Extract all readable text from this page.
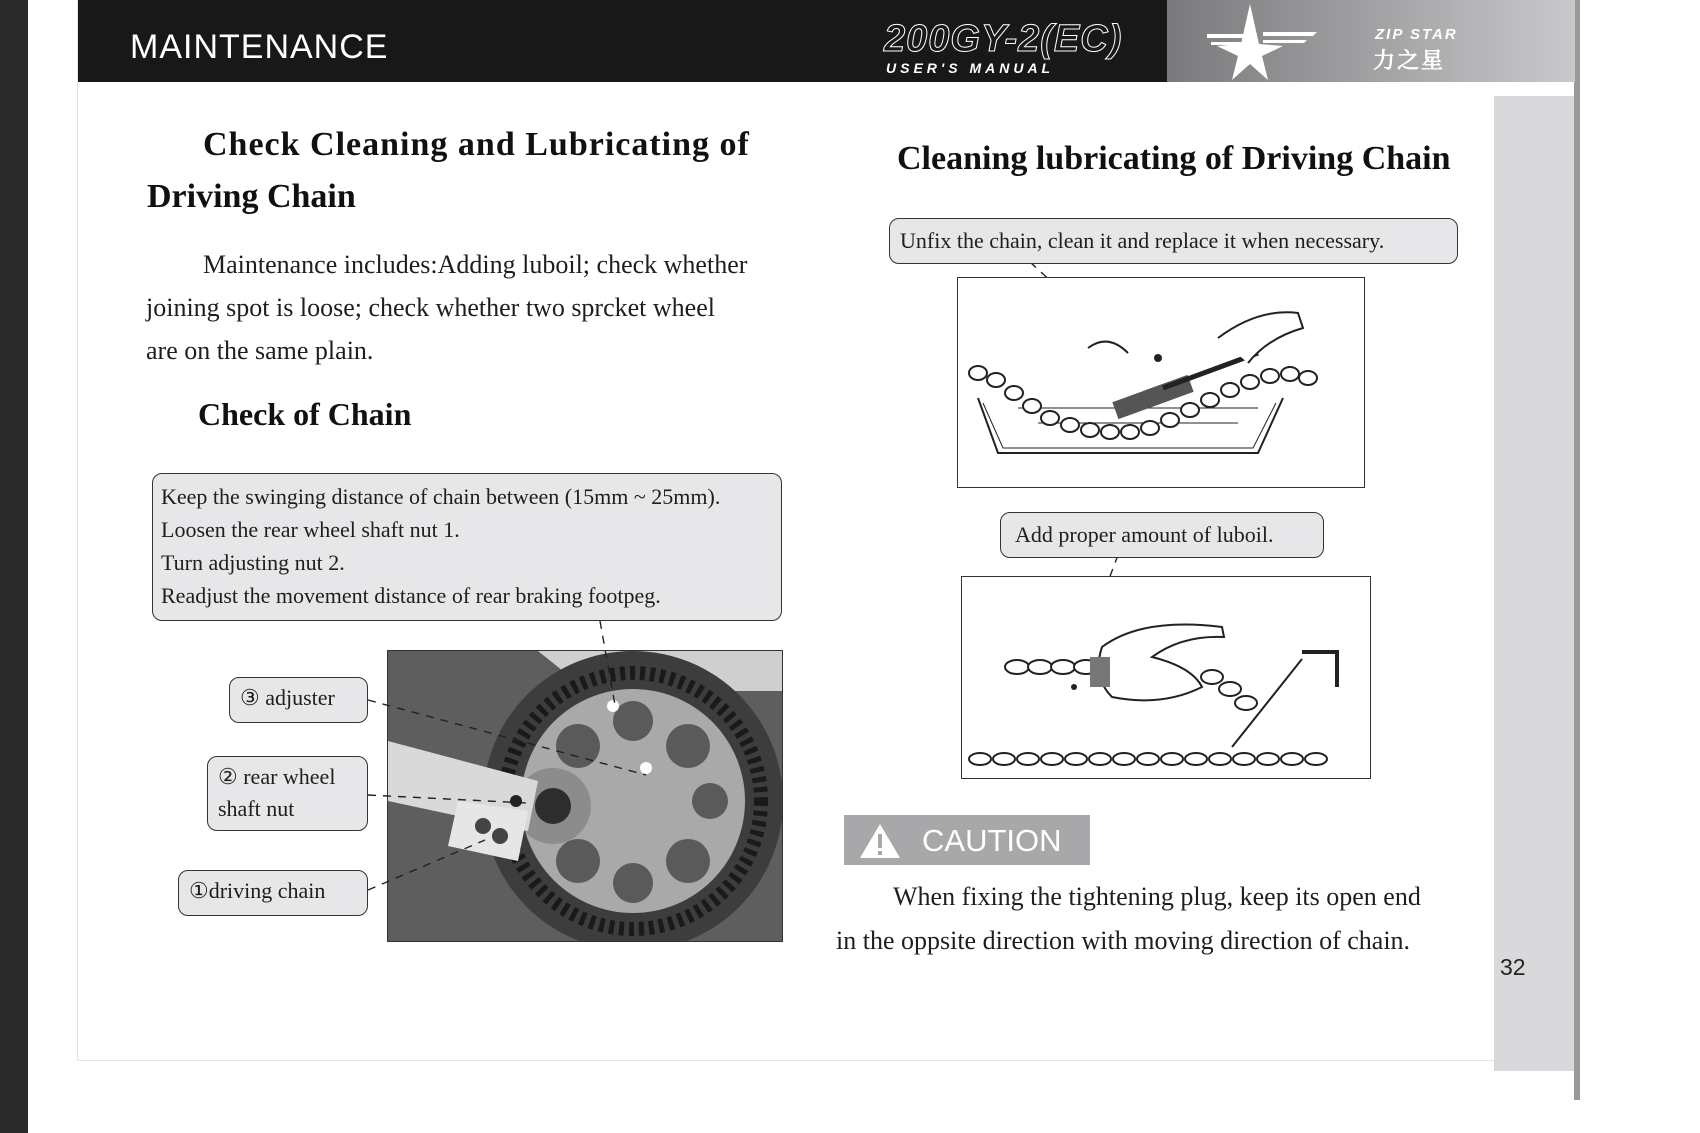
MAINTENANCE	200GY-2(EC)
USER'S MANUAL
ZIP STAR
力之星
Check Cleaning and Lubricating of
Driving Chain
Maintenance includes:Adding luboil; check whether
joining spot is loose; check whether two sprcket wheel
are on the same plain.
Check of Chain
Keep the swinging distance of chain between (15mm ~ 25mm).
Loosen the rear wheel shaft nut 1.
Turn adjusting nut 2.
Readjust the movement distance of rear braking footpeg.
③ adjuster
② rear wheel
shaft nut
①driving chain
Cleaning lubricating of Driving Chain
Unfix the chain, clean it and replace it when necessary.
Add proper amount of luboil.
CAUTION
When fixing the tightening plug, keep its open end
in the oppsite direction with moving direction of chain.
32
